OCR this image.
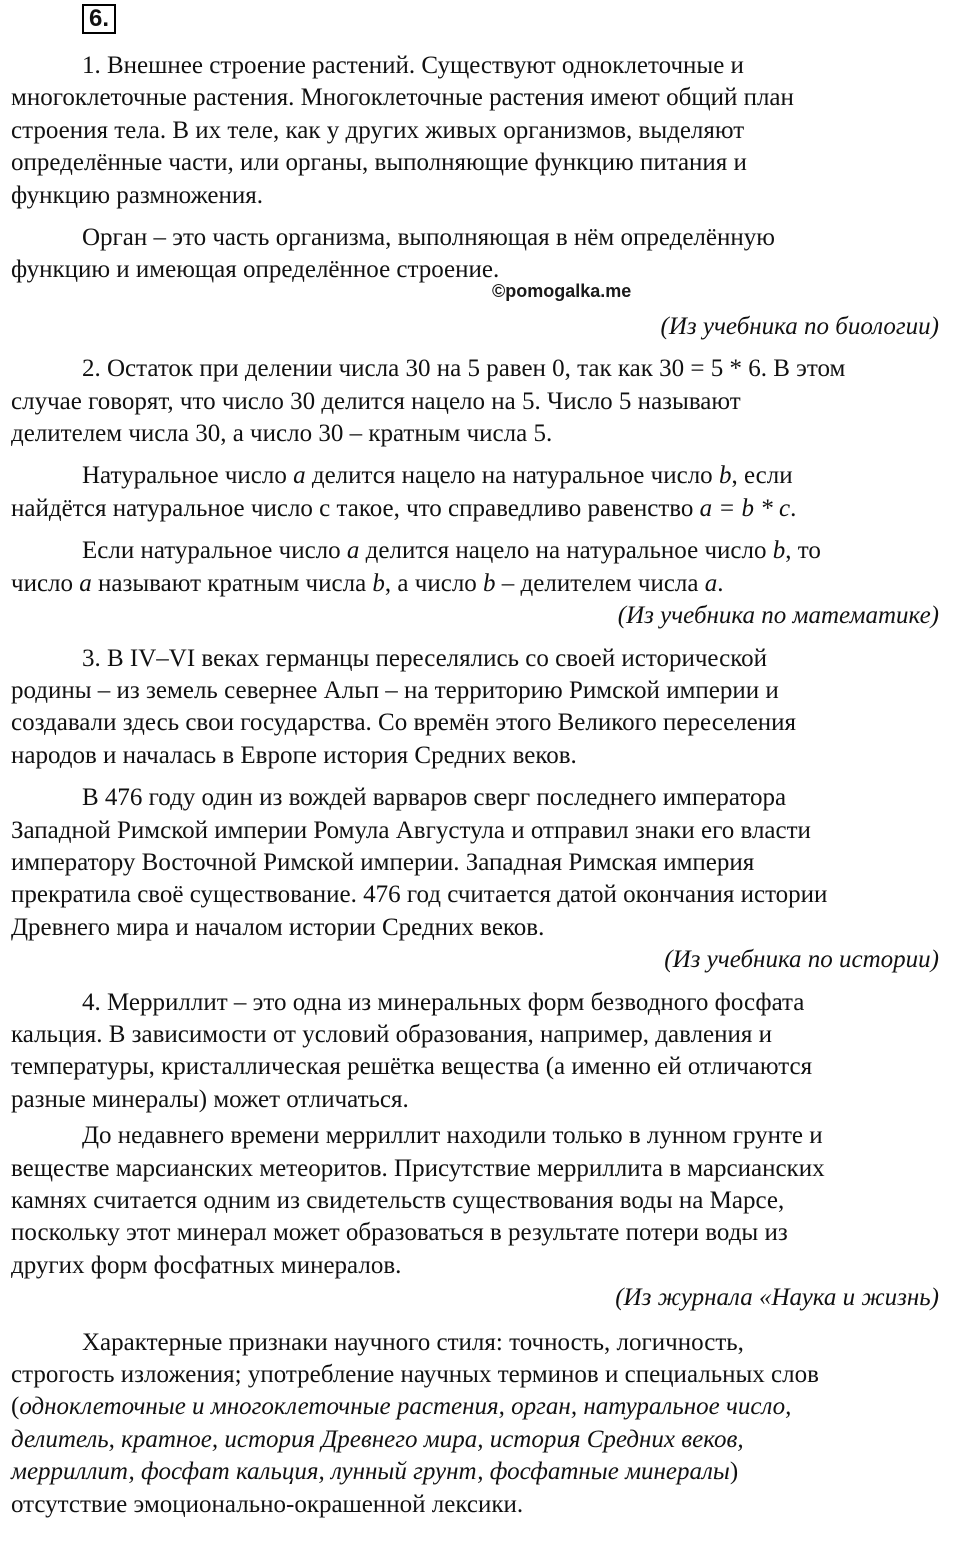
6.
©pomogalka.me

1. Внешнее строение растений. Существуют одноклеточные и
многоклеточные растения. Многоклеточные растения имеют общий план
строения тела. В их теле, как у других живых организмов, выделяют
определённые части, или органы, выполняющие функцию питания и
функцию размножения.

Орган – это часть организма, выполняющая в нём определённую
функцию и имеющая определённое строение.

(Из учебника по биологии)

2. Остаток при делении числа 30 на 5 равен 0, так как 30 = 5 * 6. В этом
случае говорят, что число 30 делится нацело на 5. Число 5 называют
делителем числа 30, а число 30 – кратным числа 5.

Натуральное число a делится нацело на натуральное число b, если
найдётся натуральное число с такое, что справедливо равенство a = b * c.

Если натуральное число a делится нацело на натуральное число b, то
число a называют кратным числа b, а число b – делителем числа a.

(Из учебника по математике)

3. В IV–VI веках германцы переселялись со своей исторической
родины – из земель севернее Альп – на территорию Римской империи и
создавали здесь свои государства. Со времён этого Великого переселения
народов и началась в Европе история Средних веков.

В 476 году один из вождей варваров сверг последнего императора
Западной Римской империи Ромула Августула и отправил знаки его власти
императору Восточной Римской империи. Западная Римская империя
прекратила своё существование. 476 год считается датой окончания истории
Древнего мира и началом истории Средних веков.

(Из учебника по истории)

4. Мерриллит – это одна из минеральных форм безводного фосфата
кальция. В зависимости от условий образования, например, давления и
температуры, кристаллическая решётка вещества (а именно ей отличаются
разные минералы) может отличаться.

До недавнего времени мерриллит находили только в лунном грунте и
веществе марсианских метеоритов. Присутствие мерриллита в марсианских
камнях считается одним из свидетельств существования воды на Марсе,
поскольку этот минерал может образоваться в результате потери воды из
других форм фосфатных минералов.

(Из журнала «Наука и жизнь)

Характерные признаки научного стиля: точность, логичность,
строгость изложения; употребление научных терминов и специальных слов
(одноклеточные и многоклеточные растения, орган, натуральное число,
делитель, кратное, история Древнего мира, история Средних веков,
мерриллит, фосфат кальция, лунный грунт, фосфатные минералы)
отсутствие эмоционально-окрашенной лексики.
